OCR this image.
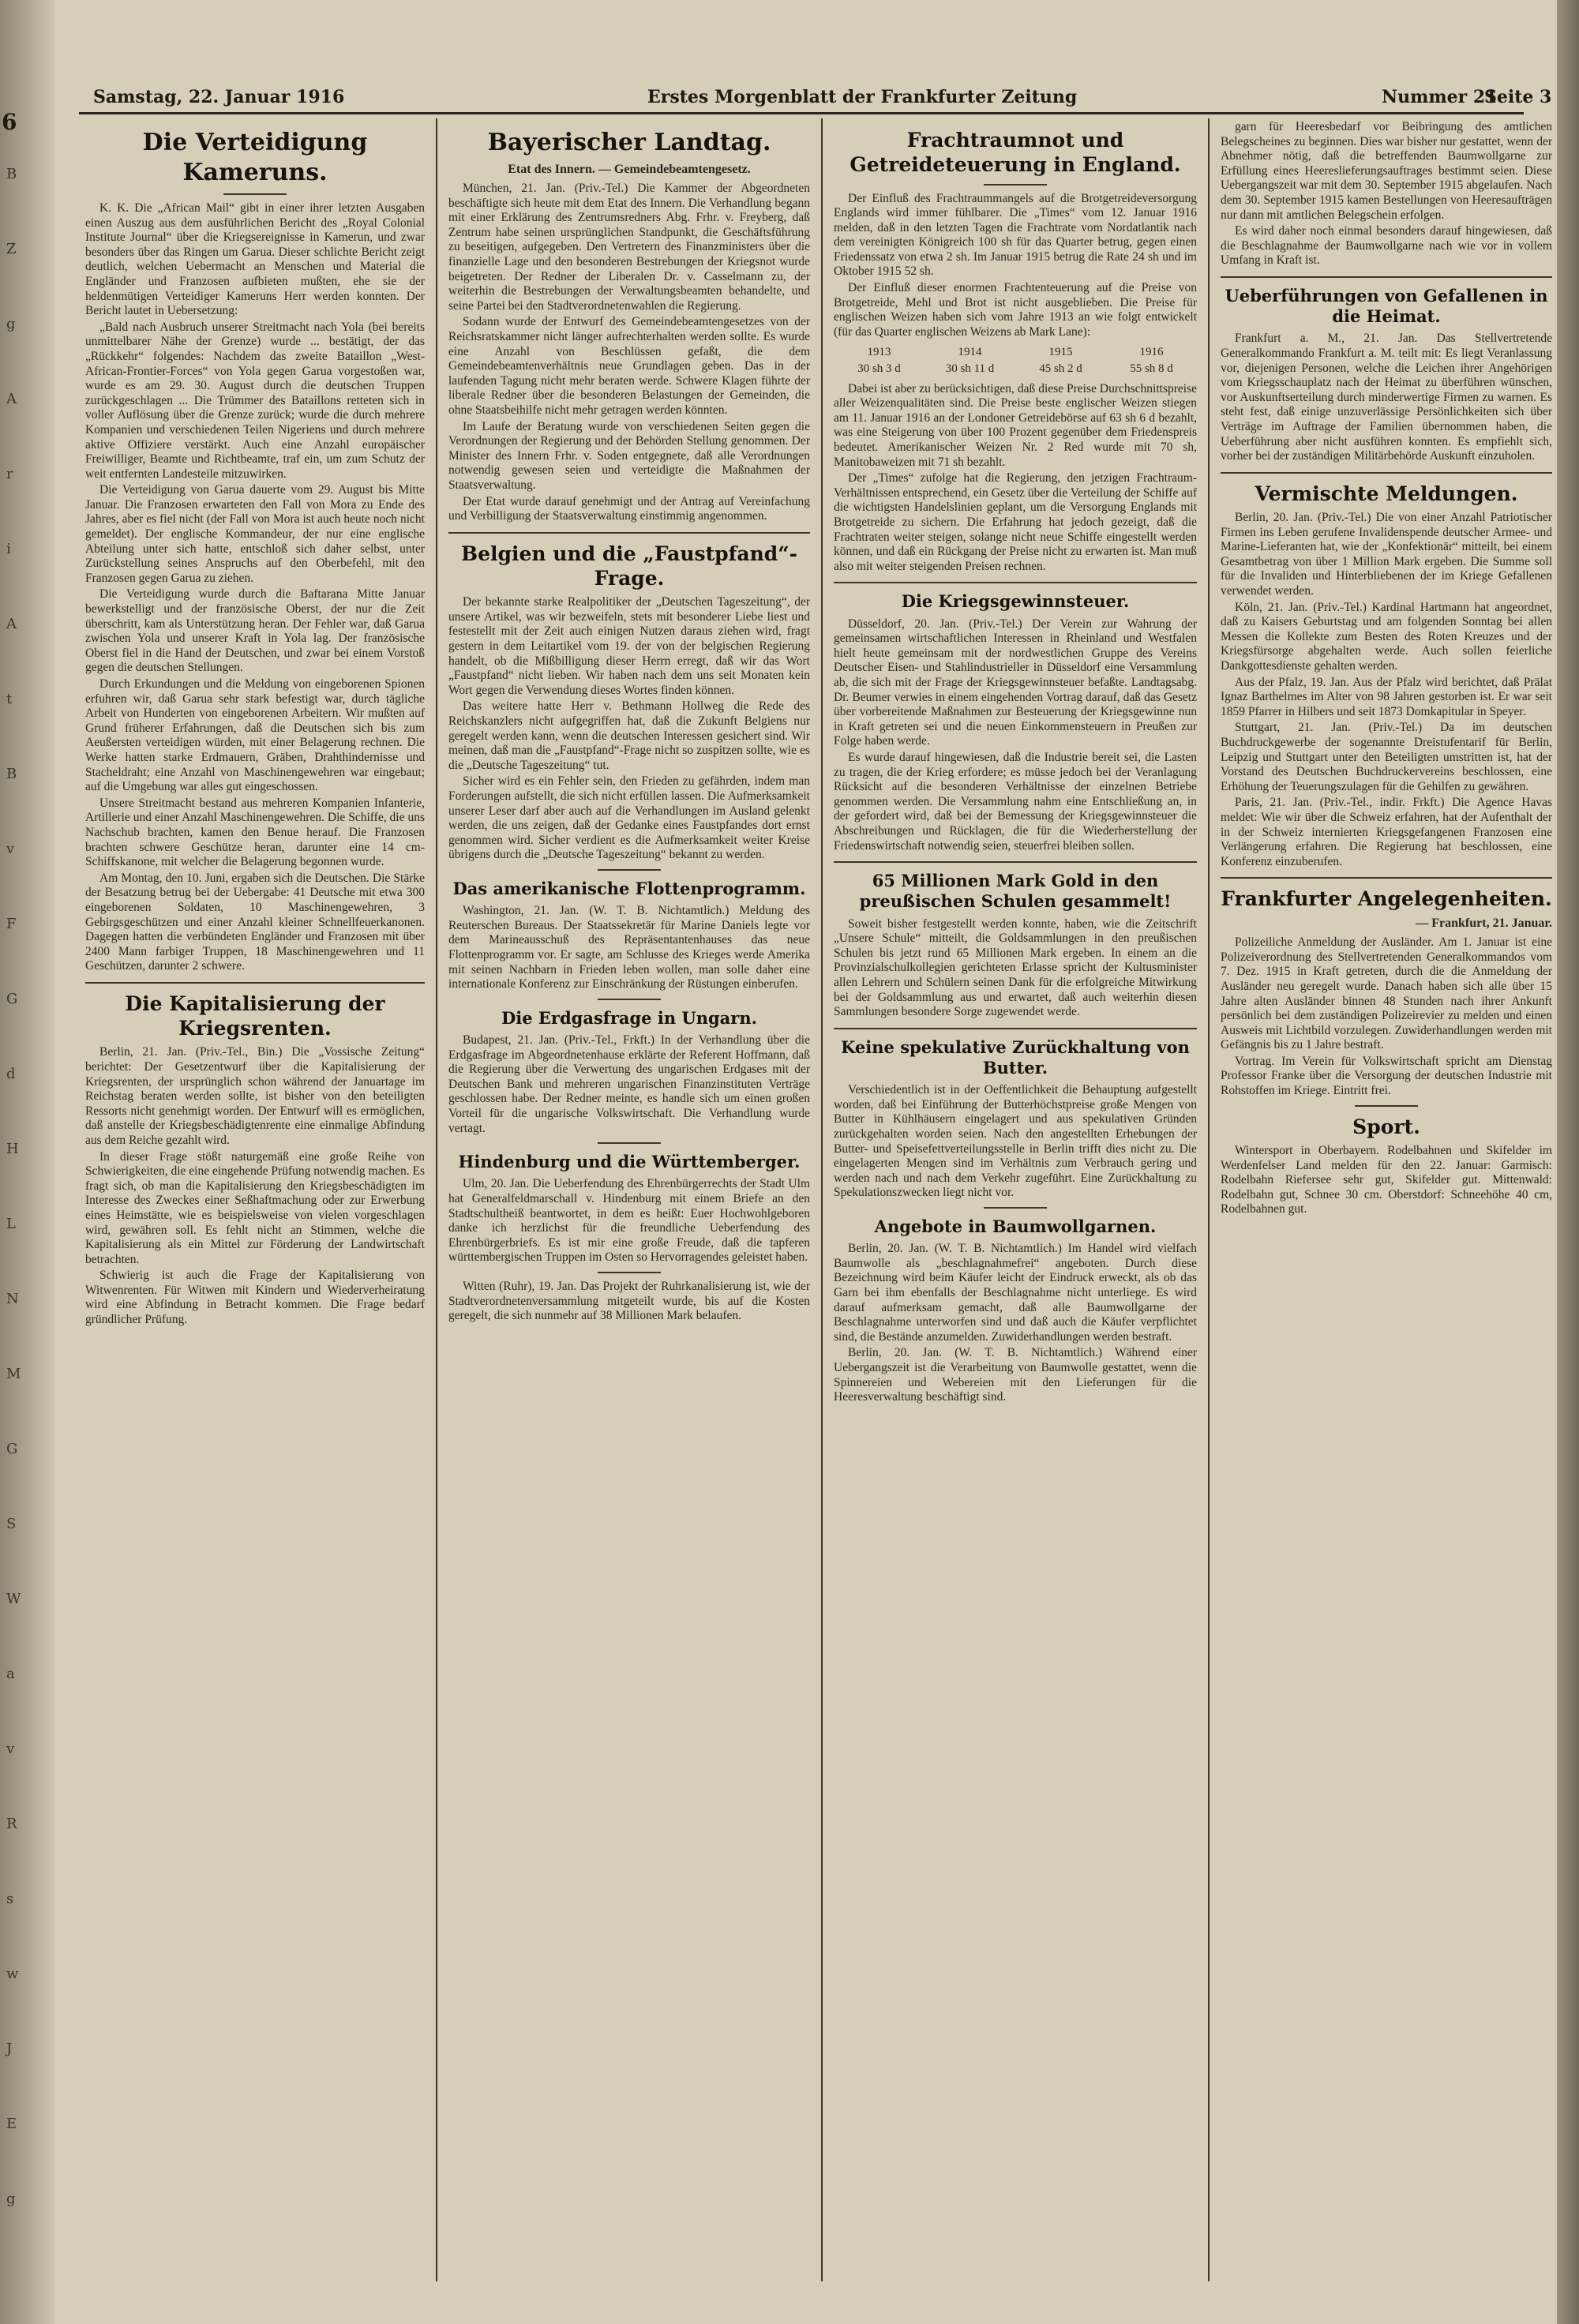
6
B
Z
g
A
r
i
A
t
B
v
F
G
d
H
L
N
M
G
S
W
a
v
R
s
w
J
E
g
Samstag, 22. Januar 1916	Erstes Morgenblatt der Frankfurter Zeitung	Nummer 21
Seite 3
Die Verteidigung Kameruns.

K. K. Die „African Mail“ gibt in einer ihrer letzten Ausgaben einen Auszug aus dem ausführlichen Bericht des „Royal Colonial Institute Journal“ über die Kriegsereignisse in Kamerun, und zwar besonders über das Ringen um Garua. Dieser schlichte Bericht zeigt deutlich, welchen Uebermacht an Menschen und Material die Engländer und Franzosen aufbieten mußten, ehe sie der heldenmütigen Verteidiger Kameruns Herr werden konnten. Der Bericht lautet in Uebersetzung:

„Bald nach Ausbruch unserer Streitmacht nach Yola (bei bereits unmittelbarer Nähe der Grenze) wurde ... bestätigt, der das „Rückkehr“ folgendes: Nachdem das zweite Bataillon „West-African-Frontier-Forces“ von Yola gegen Garua vorgestoßen war, wurde es am 29. 30. August durch die deutschen Truppen zurückgeschlagen ... Die Trümmer des Bataillons retteten sich in voller Auflösung über die Grenze zurück; wurde die durch mehrere Kompanien und verschiedenen Teilen Nigeriens und durch mehrere aktive Offiziere verstärkt. Auch eine Anzahl europäischer Freiwilliger, Beamte und Richtbeamte, traf ein, um zum Schutz der weit entfernten Landesteile mitzuwirken.

Die Verteidigung von Garua dauerte vom 29. August bis Mitte Januar. Die Franzosen erwarteten den Fall von Mora zu Ende des Jahres, aber es fiel nicht (der Fall von Mora ist auch heute noch nicht gemeldet). Der englische Kommandeur, der nur eine englische Abteilung unter sich hatte, entschloß sich daher selbst, unter Zurückstellung seines Anspruchs auf den Oberbefehl, mit den Franzosen gegen Garua zu ziehen.

Die Verteidigung wurde durch die Baftarana Mitte Januar bewerkstelligt und der französische Oberst, der nur die Zeit überschritt, kam als Unterstützung heran. Der Fehler war, daß Garua zwischen Yola und unserer Kraft in Yola lag. Der französische Oberst fiel in die Hand der Deutschen, und zwar bei einem Vorstoß gegen die deutschen Stellungen.

Durch Erkundungen und die Meldung von eingeborenen Spionen erfuhren wir, daß Garua sehr stark befestigt war, durch tägliche Arbeit von Hunderten von eingeborenen Arbeitern. Wir mußten auf Grund früherer Erfahrungen, daß die Deutschen sich bis zum Aeußersten verteidigen würden, mit einer Belagerung rechnen. Die Werke hatten starke Erdmauern, Gräben, Drahthindernisse und Stacheldraht; eine Anzahl von Maschinengewehren war eingebaut; auf die Umgebung war alles gut eingeschossen.

Unsere Streitmacht bestand aus mehreren Kompanien Infanterie, Artillerie und einer Anzahl Maschinengewehren. Die Schiffe, die uns Nachschub brachten, kamen den Benue herauf. Die Franzosen brachten schwere Geschütze heran, darunter eine 14 cm-Schiffskanone, mit welcher die Belagerung begonnen wurde.

Am Montag, den 10. Juni, ergaben sich die Deutschen. Die Stärke der Besatzung betrug bei der Uebergabe: 41 Deutsche mit etwa 300 eingeborenen Soldaten, 10 Maschinengewehren, 3 Gebirgsgeschützen und einer Anzahl kleiner Schnellfeuerkanonen. Dagegen hatten die verbündeten Engländer und Franzosen mit über 2400 Mann farbiger Truppen, 18 Maschinengewehren und 11 Geschützen, darunter 2 schwere.

Die Kapitalisierung der Kriegsrenten.

Berlin, 21. Jan. (Priv.-Tel., Bin.) Die „Vossische Zeitung“ berichtet: Der Gesetzentwurf über die Kapitalisierung der Kriegsrenten, der ursprünglich schon während der Januartage im Reichstag beraten werden sollte, ist bisher von den beteiligten Ressorts nicht genehmigt worden. Der Entwurf will es ermöglichen, daß anstelle der Kriegsbeschädigtenrente eine einmalige Abfindung aus dem Reiche gezahlt wird.

In dieser Frage stößt naturgemäß eine große Reihe von Schwierigkeiten, die eine eingehende Prüfung notwendig machen. Es fragt sich, ob man die Kapitalisierung den Kriegsbeschädigten im Interesse des Zweckes einer Seßhaftmachung oder zur Erwerbung eines Heimstätte, wie es beispielsweise von vielen vorgeschlagen wird, gewähren soll. Es fehlt nicht an Stimmen, welche die Kapitalisierung als ein Mittel zur Förderung der Landwirtschaft betrachten.

Schwierig ist auch die Frage der Kapitalisierung von Witwenrenten. Für Witwen mit Kindern und Wiederverheiratung wird eine Abfindung in Betracht kommen. Die Frage bedarf gründlicher Prüfung.

Bayerischer Landtag.
Etat des Innern. — Gemeindebeamtengesetz.

München, 21. Jan. (Priv.-Tel.) Die Kammer der Abgeordneten beschäftigte sich heute mit dem Etat des Innern. Die Verhandlung begann mit einer Erklärung des Zentrumsredners Abg. Frhr. v. Freyberg, daß Zentrum habe seinen ursprünglichen Standpunkt, die Geschäftsführung zu beseitigen, aufgegeben. Den Vertretern des Finanzministers über die finanzielle Lage und den besonderen Bestrebungen der Kriegsnot wurde beigetreten. Der Redner der Liberalen Dr. v. Casselmann zu, der weiterhin die Bestrebungen der Verwaltungsbeamten behandelte, und seine Partei bei den Stadtverordnetenwahlen die Regierung.

Sodann wurde der Entwurf des Gemeindebeamtengesetzes von der Reichsratskammer nicht länger aufrechterhalten werden sollte. Es wurde eine Anzahl von Beschlüssen gefaßt, die dem Gemeindebeamtenverhältnis neue Grundlagen geben. Das in der laufenden Tagung nicht mehr beraten werde. Schwere Klagen führte der liberale Redner über die besonderen Belastungen der Gemeinden, die ohne Staatsbeihilfe nicht mehr getragen werden könnten.

Im Laufe der Beratung wurde von verschiedenen Seiten gegen die Verordnungen der Regierung und der Behörden Stellung genommen. Der Minister des Innern Frhr. v. Soden entgegnete, daß alle Verordnungen notwendig gewesen seien und verteidigte die Maßnahmen der Staatsverwaltung.

Der Etat wurde darauf genehmigt und der Antrag auf Vereinfachung und Verbilligung der Staatsverwaltung einstimmig angenommen.

Belgien und die „Faustpfand“-Frage.

Der bekannte starke Realpolitiker der „Deutschen Tageszeitung“, der unsere Artikel, was wir bezweifeln, stets mit besonderer Liebe liest und festestellt mit der Zeit auch einigen Nutzen daraus ziehen wird, fragt gestern in dem Leitartikel vom 19. der von der belgischen Regierung handelt, ob die Mißbilligung dieser Herrn erregt, daß wir das Wort „Faustpfand“ nicht lieben. Wir haben nach dem uns seit Monaten kein Wort gegen die Verwendung dieses Wortes finden können.

Das weitere hatte Herr v. Bethmann Hollweg die Rede des Reichskanzlers nicht aufgegriffen hat, daß die Zukunft Belgiens nur geregelt werden kann, wenn die deutschen Interessen gesichert sind. Wir meinen, daß man die „Faustpfand“-Frage nicht so zuspitzen sollte, wie es die „Deutsche Tageszeitung“ tut.

Sicher wird es ein Fehler sein, den Frieden zu gefährden, indem man Forderungen aufstellt, die sich nicht erfüllen lassen. Die Aufmerksamkeit unserer Leser darf aber auch auf die Verhandlungen im Ausland gelenkt werden, die uns zeigen, daß der Gedanke eines Faustpfandes dort ernst genommen wird. Sicher verdient es die Aufmerksamkeit weiter Kreise übrigens durch die „Deutsche Tageszeitung“ bekannt zu werden.

Das amerikanische Flottenprogramm.

Washington, 21. Jan. (W. T. B. Nichtamtlich.) Meldung des Reuterschen Bureaus. Der Staatssekretär für Marine Daniels legte vor dem Marineausschuß des Repräsentantenhauses das neue Flottenprogramm vor. Er sagte, am Schlusse des Krieges werde Amerika mit seinen Nachbarn in Frieden leben wollen, man solle daher eine internationale Konferenz zur Einschränkung der Rüstungen einberufen.

Die Erdgasfrage in Ungarn.

Budapest, 21. Jan. (Priv.-Tel., Frkft.) In der Verhandlung über die Erdgasfrage im Abgeordnetenhause erklärte der Referent Hoffmann, daß die Regierung über die Verwertung des ungarischen Erdgases mit der Deutschen Bank und mehreren ungarischen Finanzinstituten Verträge geschlossen habe. Der Redner meinte, es handle sich um einen großen Vorteil für die ungarische Volkswirtschaft. Die Verhandlung wurde vertagt.

Hindenburg und die Württemberger.

Ulm, 20. Jan. Die Ueberfendung des Ehrenbürgerrechts der Stadt Ulm hat Generalfeldmarschall v. Hindenburg mit einem Briefe an den Stadtschultheiß beantwortet, in dem es heißt: Euer Hochwohlgeboren danke ich herzlichst für die freundliche Ueberfendung des Ehrenbürgerbriefs. Es ist mir eine große Freude, daß die tapferen württembergischen Truppen im Osten so Hervorragendes geleistet haben.

Witten (Ruhr), 19. Jan. Das Projekt der Ruhrkanalisierung ist, wie der Stadtverordnetenversammlung mitgeteilt wurde, bis auf die Kosten geregelt, die sich nunmehr auf 38 Millionen Mark belaufen.

Frachtraumnot und Getreideteuerung in England.

Der Einfluß des Frachtraummangels auf die Brotgetreideversorgung Englands wird immer fühlbarer. Die „Times“ vom 12. Januar 1916 melden, daß in den letzten Tagen die Frachtrate vom Nordatlantik nach dem vereinigten Königreich 100 sh für das Quarter betrug, gegen einen Friedenssatz von etwa 2 sh. Im Januar 1915 betrug die Rate 24 sh und im Oktober 1915 52 sh.

Der Einfluß dieser enormen Frachtenteuerung auf die Preise von Brotgetreide, Mehl und Brot ist nicht ausgeblieben. Die Preise für englischen Weizen haben sich vom Jahre 1913 an wie folgt entwickelt (für das Quarter englischen Weizens ab Mark Lane):

1913	1914	1915	1916
30 sh 3 d	30 sh 11 d	45 sh 2 d	55 sh 8 d

Dabei ist aber zu berücksichtigen, daß diese Preise Durchschnittspreise aller Weizenqualitäten sind. Die Preise beste englischer Weizen stiegen am 11. Januar 1916 an der Londoner Getreidebörse auf 63 sh 6 d bezahlt, was eine Steigerung von über 100 Prozent gegenüber dem Friedenspreis bedeutet. Amerikanischer Weizen Nr. 2 Red wurde mit 70 sh, Manitobaweizen mit 71 sh bezahlt.

Der „Times“ zufolge hat die Regierung, den jetzigen Frachtraum-Verhältnissen entsprechend, ein Gesetz über die Verteilung der Schiffe auf die wichtigsten Handelslinien geplant, um die Versorgung Englands mit Brotgetreide zu sichern. Die Erfahrung hat jedoch gezeigt, daß die Frachtraten weiter steigen, solange nicht neue Schiffe eingestellt werden können, und daß ein Rückgang der Preise nicht zu erwarten ist. Man muß also mit weiter steigenden Preisen rechnen.

Die Kriegsgewinnsteuer.

Düsseldorf, 20. Jan. (Priv.-Tel.) Der Verein zur Wahrung der gemeinsamen wirtschaftlichen Interessen in Rheinland und Westfalen hielt heute gemeinsam mit der nordwestlichen Gruppe des Vereins Deutscher Eisen- und Stahlindustrieller in Düsseldorf eine Versammlung ab, die sich mit der Frage der Kriegsgewinnsteuer befaßte. Landtagsabg. Dr. Beumer verwies in einem eingehenden Vortrag darauf, daß das Gesetz über vorbereitende Maßnahmen zur Besteuerung der Kriegsgewinne nun in Kraft getreten sei und die neuen Einkommensteuern in Preußen zur Folge haben werde.

Es wurde darauf hingewiesen, daß die Industrie bereit sei, die Lasten zu tragen, die der Krieg erfordere; es müsse jedoch bei der Veranlagung Rücksicht auf die besonderen Verhältnisse der einzelnen Betriebe genommen werden. Die Versammlung nahm eine Entschließung an, in der gefordert wird, daß bei der Bemessung der Kriegsgewinnsteuer die Abschreibungen und Rücklagen, die für die Wiederherstellung der Friedenswirtschaft notwendig seien, steuerfrei bleiben sollen.

65 Millionen Mark Gold in den preußischen Schulen gesammelt!

Soweit bisher festgestellt werden konnte, haben, wie die Zeitschrift „Unsere Schule“ mitteilt, die Goldsammlungen in den preußischen Schulen bis jetzt rund 65 Millionen Mark ergeben. In einem an die Provinzialschulkollegien gerichteten Erlasse spricht der Kultusminister allen Lehrern und Schülern seinen Dank für die erfolgreiche Mitwirkung bei der Goldsammlung aus und erwartet, daß auch weiterhin diesen Sammlungen besondere Sorge zugewendet werde.

Keine spekulative Zurückhaltung von Butter.

Verschiedentlich ist in der Oeffentlichkeit die Behauptung aufgestellt worden, daß bei Einführung der Butterhöchstpreise große Mengen von Butter in Kühlhäusern eingelagert und aus spekulativen Gründen zurückgehalten worden seien. Nach den angestellten Erhebungen der Butter- und Speisefettverteilungsstelle in Berlin trifft dies nicht zu. Die eingelagerten Mengen sind im Verhältnis zum Verbrauch gering und werden nach und nach dem Verkehr zugeführt. Eine Zurückhaltung zu Spekulationszwecken liegt nicht vor.

Angebote in Baumwollgarnen.

Berlin, 20. Jan. (W. T. B. Nichtamtlich.) Im Handel wird vielfach Baumwolle als „beschlagnahmefrei“ angeboten. Durch diese Bezeichnung wird beim Käufer leicht der Eindruck erweckt, als ob das Garn bei ihm ebenfalls der Beschlagnahme nicht unterliege. Es wird darauf aufmerksam gemacht, daß alle Baumwollgarne der Beschlagnahme unterworfen sind und daß auch die Käufer verpflichtet sind, die Bestände anzumelden. Zuwiderhandlungen werden bestraft.

Berlin, 20. Jan. (W. T. B. Nichtamtlich.) Während einer Uebergangszeit ist die Verarbeitung von Baumwolle gestattet, wenn die Spinnereien und Webereien mit den Lieferungen für die Heeresverwaltung beschäftigt sind.

garn für Heeresbedarf vor Beibringung des amtlichen Belegscheines zu beginnen. Dies war bisher nur gestattet, wenn der Abnehmer nötig, daß die betreffenden Baumwollgarne zur Erfüllung eines Heereslieferungsauftrages bestimmt seien. Diese Uebergangszeit war mit dem 30. September 1915 abgelaufen. Nach dem 30. September 1915 kamen Bestellungen von Heeresaufträgen nur dann mit amtlichen Belegschein erfolgen.

Es wird daher noch einmal besonders darauf hingewiesen, daß die Beschlagnahme der Baumwollgarne nach wie vor in vollem Umfang in Kraft ist.

Ueberführungen von Gefallenen in die Heimat.

Frankfurt a. M., 21. Jan. Das Stellvertretende Generalkommando Frankfurt a. M. teilt mit: Es liegt Veranlassung vor, diejenigen Personen, welche die Leichen ihrer Angehörigen vom Kriegsschauplatz nach der Heimat zu überführen wünschen, vor Auskunftserteilung durch minderwertige Firmen zu warnen. Es steht fest, daß einige unzuverlässige Persönlichkeiten sich über Verträge im Auftrage der Familien übernommen haben, die Ueberführung aber nicht ausführen konnten. Es empfiehlt sich, vorher bei der zuständigen Militärbehörde Auskunft einzuholen.

Vermischte Meldungen.

Berlin, 20. Jan. (Priv.-Tel.) Die von einer Anzahl Patriotischer Firmen ins Leben gerufene Invalidenspende deutscher Armee- und Marine-Lieferanten hat, wie der „Konfektionär“ mitteilt, bei einem Gesamtbetrag von über 1 Million Mark ergeben. Die Summe soll für die Invaliden und Hinterbliebenen der im Kriege Gefallenen verwendet werden.

Köln, 21. Jan. (Priv.-Tel.) Kardinal Hartmann hat angeordnet, daß zu Kaisers Geburtstag und am folgenden Sonntag bei allen Messen die Kollekte zum Besten des Roten Kreuzes und der Kriegsfürsorge abgehalten werde. Auch sollen feierliche Dankgottesdienste gehalten werden.

Aus der Pfalz, 19. Jan. Aus der Pfalz wird berichtet, daß Prälat Ignaz Barthelmes im Alter von 98 Jahren gestorben ist. Er war seit 1859 Pfarrer in Hilbers und seit 1873 Domkapitular in Speyer.

Stuttgart, 21. Jan. (Priv.-Tel.) Da im deutschen Buchdruckgewerbe der sogenannte Dreistufentarif für Berlin, Leipzig und Stuttgart unter den Beteiligten umstritten ist, hat der Vorstand des Deutschen Buchdruckervereins beschlossen, eine Erhöhung der Teuerungszulagen für die Gehilfen zu gewähren.

Paris, 21. Jan. (Priv.-Tel., indir. Frkft.) Die Agence Havas meldet: Wie wir über die Schweiz erfahren, hat der Aufenthalt der in der Schweiz internierten Kriegsgefangenen Franzosen eine Verlängerung erfahren. Die Regierung hat beschlossen, eine Konferenz einzuberufen.

Frankfurter Angelegenheiten.
— Frankfurt, 21. Januar.

Polizeiliche Anmeldung der Ausländer. Am 1. Januar ist eine Polizeiverordnung des Stellvertretenden Generalkommandos vom 7. Dez. 1915 in Kraft getreten, durch die die Anmeldung der Ausländer neu geregelt wurde. Danach haben sich alle über 15 Jahre alten Ausländer binnen 48 Stunden nach ihrer Ankunft persönlich bei dem zuständigen Polizeirevier zu melden und einen Ausweis mit Lichtbild vorzulegen. Zuwiderhandlungen werden mit Gefängnis bis zu 1 Jahre bestraft.

Vortrag. Im Verein für Volkswirtschaft spricht am Dienstag Professor Franke über die Versorgung der deutschen Industrie mit Rohstoffen im Kriege. Eintritt frei.

Sport.

Wintersport in Oberbayern. Rodelbahnen und Skifelder im Werdenfelser Land melden für den 22. Januar: Garmisch: Rodelbahn Riefersee sehr gut, Skifelder gut. Mittenwald: Rodelbahn gut, Schnee 30 cm. Oberstdorf: Schneehöhe 40 cm, Rodelbahnen gut.
